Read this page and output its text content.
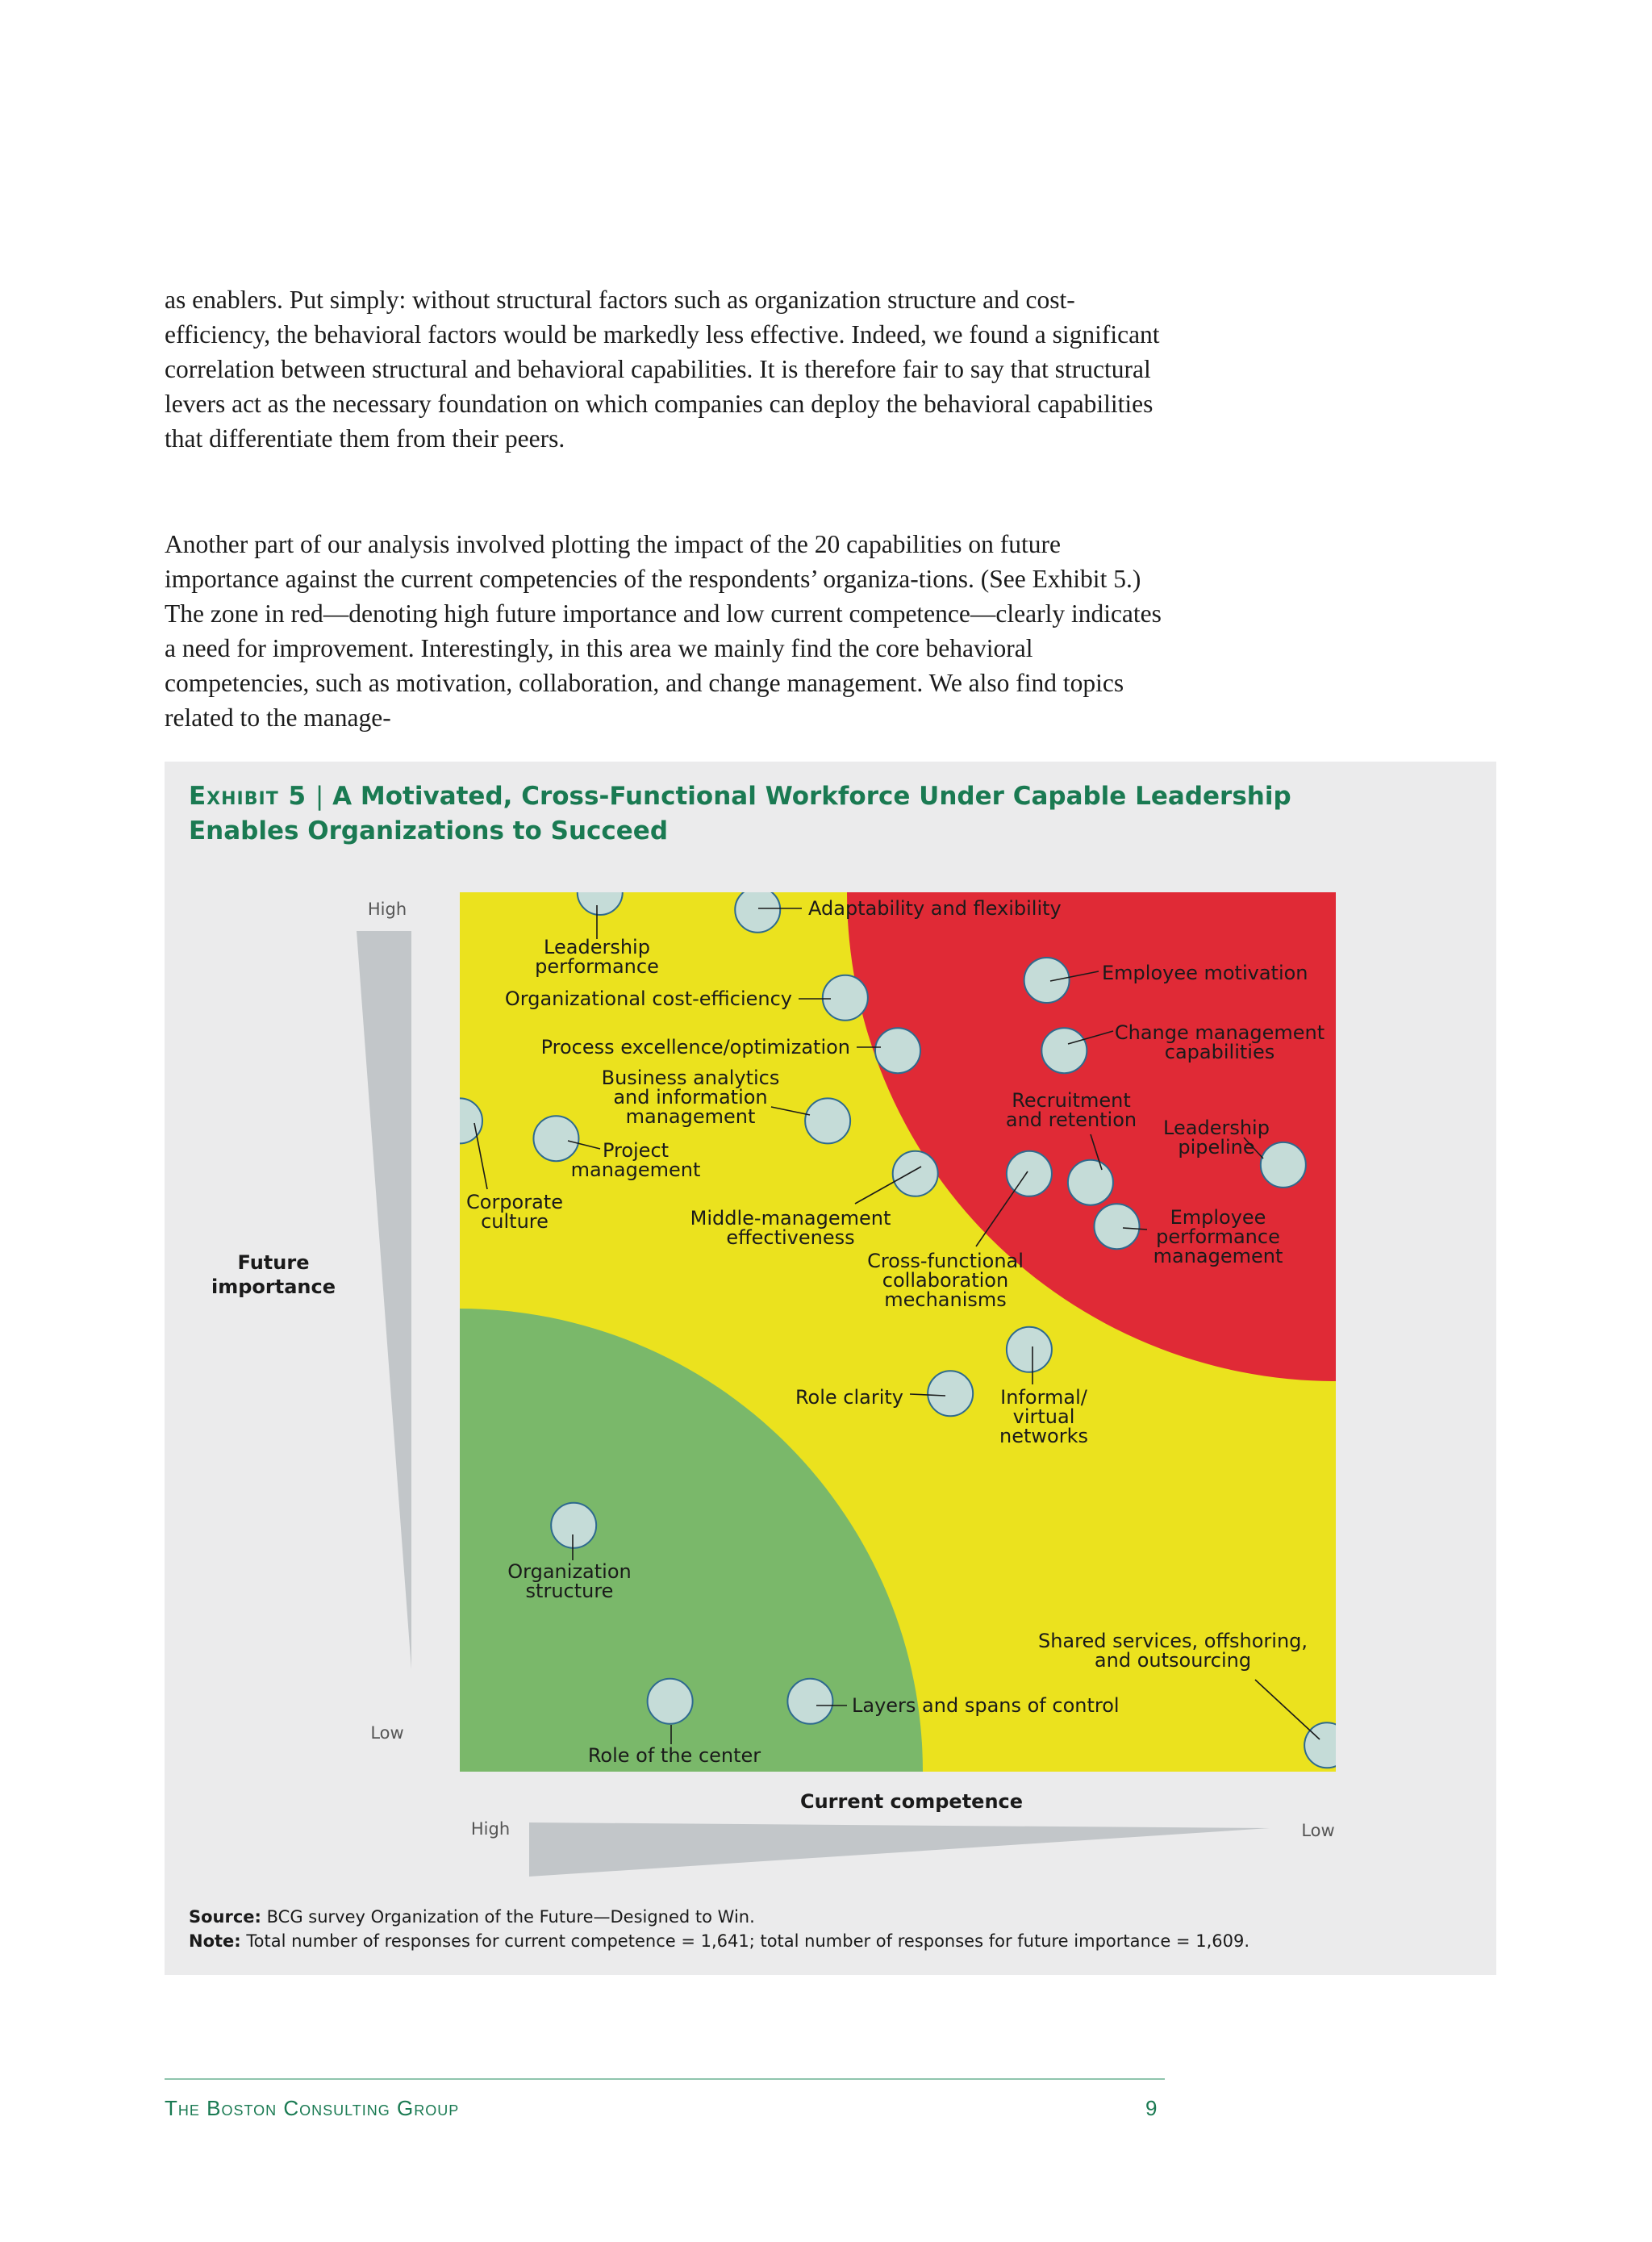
as enablers. Put simply: without structural factors such as organization structure and cost-efficiency, the behavioral factors would be markedly less effective. Indeed, we found a significant correlation between structural and behavioral capabilities. It is therefore fair to say that structural levers act as the necessary foundation on which companies can deploy the behavioral capabilities that differentiate them from their peers.

Another part of our analysis involved plotting the impact of the 20 capabilities on future importance against the current competencies of the respondents’ organiza-tions. (See Exhibit 5.) The zone in red—denoting high future importance and low current competence—clearly indicates a need for improvement. Interestingly, in this area we mainly find the core behavioral competencies, such as motivation, collaboration, and change management. We also find topics related to the manage-

Exhibit 5 | A Motivated, Cross-Functional Workforce Under Capable Leadership Enables Organizations to Succeed
High
Low
Future importance
Current competence
High	Low
Leadership performance
Adaptability and flexibility
Employee motivation
Organizational cost-efficiency
Process excellence/optimization
Change management capabilities
Corporate culture
Business analytics and information management
Project management
Leadership pipeline
Middle-management effectiveness
Cross-functional collaboration mechanisms
Recruitment and retention
Employee performance management
Informal/ virtual networks
Role clarity
Organization structure
Role of the center
Layers and spans of control
Shared services, offshoring, and outsourcing
Source: BCG survey Organization of the Future—Designed to Win.
Note: Total number of responses for current competence = 1,641; total number of responses for future importance = 1,609.
The Boston Consulting Group	9
